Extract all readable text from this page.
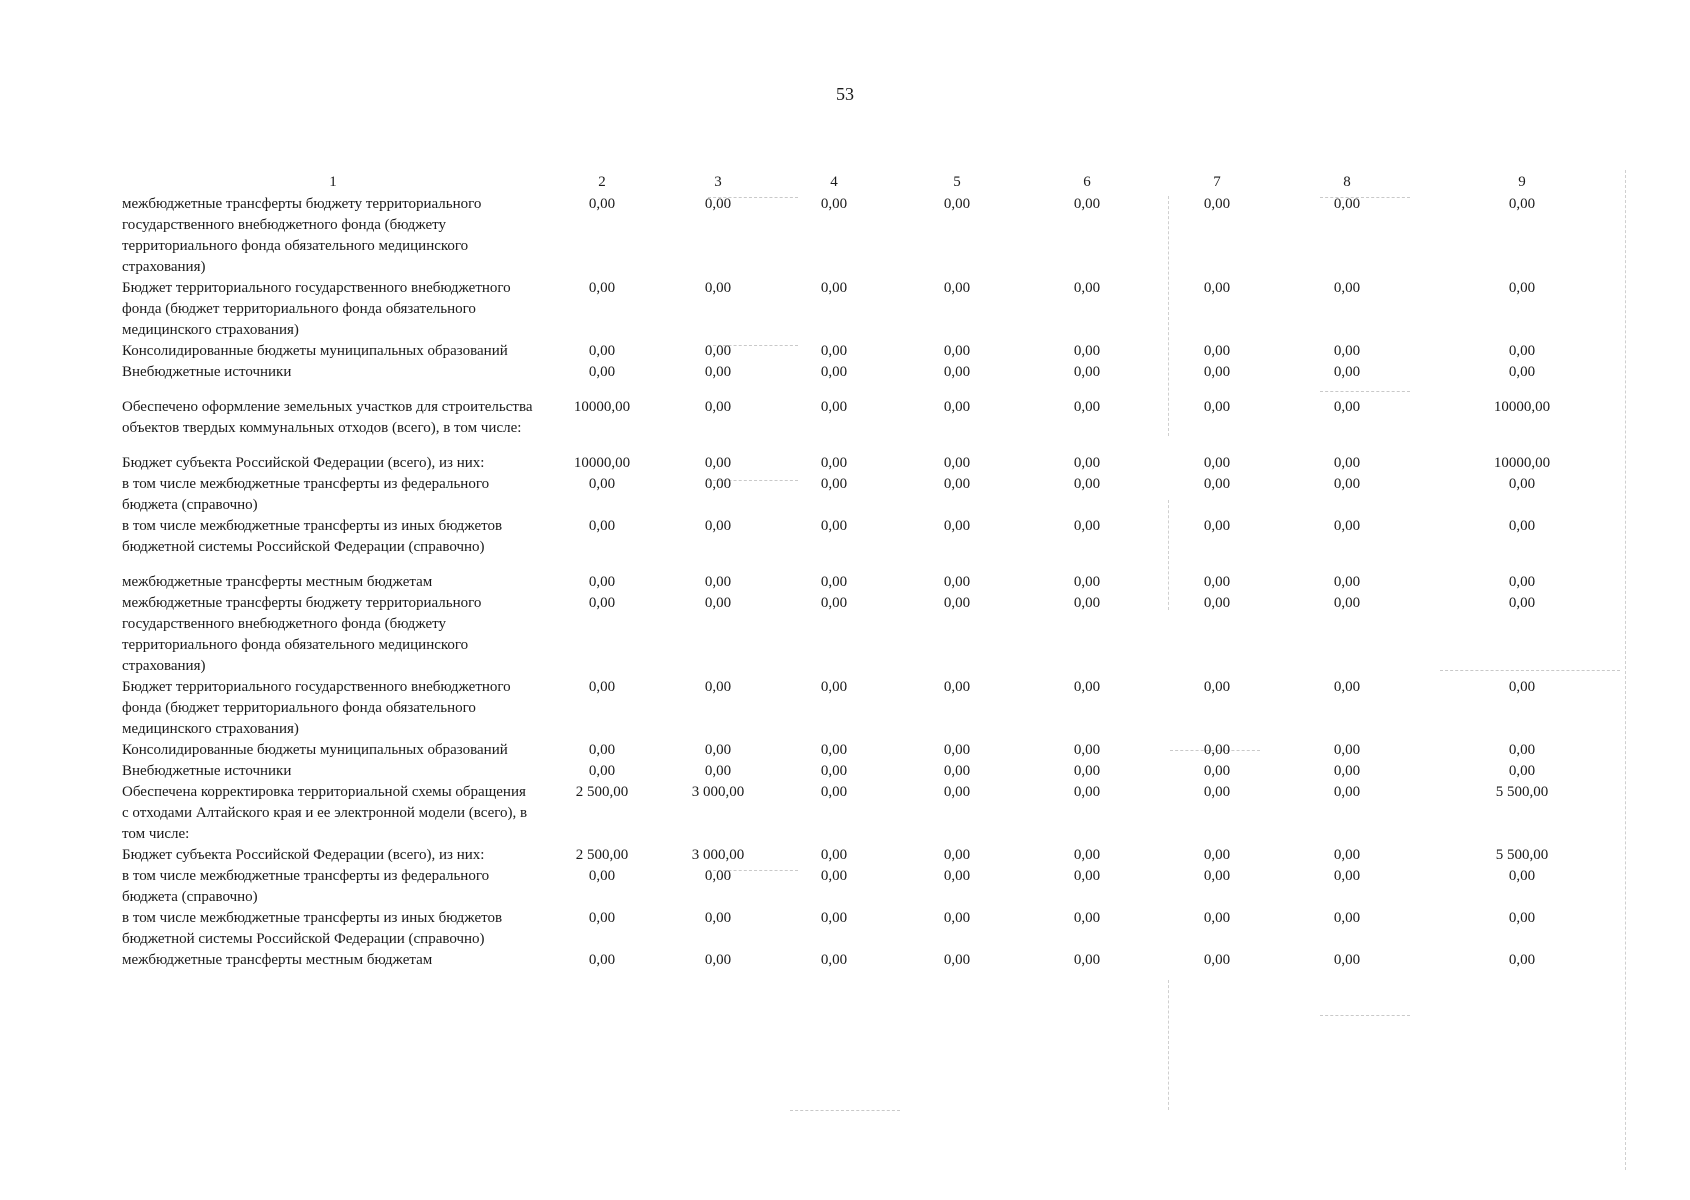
53
1	2	3	4	5	6	7	8	9
межбюджетные трансферты бюджету территориального государственного внебюджетного фонда (бюджету территориального фонда обязательного медицинского страхования)	0,00	0,00	0,00	0,00	0,00	0,00	0,00	0,00
Бюджет территориального государственного внебюджетного фонда (бюджет территориального фонда обязательного медицинского страхования)	0,00	0,00	0,00	0,00	0,00	0,00	0,00	0,00
Консолидированные бюджеты муниципальных образований	0,00	0,00	0,00	0,00	0,00	0,00	0,00	0,00
Внебюджетные источники	0,00	0,00	0,00	0,00	0,00	0,00	0,00	0,00
Обеспечено оформление земельных участков для строительства объектов твердых коммунальных отходов (всего), в том числе:	10000,00	0,00	0,00	0,00	0,00	0,00	0,00	10000,00
Бюджет субъекта Российской Федерации (всего), из них:	10000,00	0,00	0,00	0,00	0,00	0,00	0,00	10000,00
в том числе межбюджетные трансферты из федерального бюджета (справочно)	0,00	0,00	0,00	0,00	0,00	0,00	0,00	0,00
в том числе межбюджетные трансферты из иных бюджетов бюджетной системы Российской Федерации (справочно)	0,00	0,00	0,00	0,00	0,00	0,00	0,00	0,00
межбюджетные трансферты местным бюджетам	0,00	0,00	0,00	0,00	0,00	0,00	0,00	0,00
межбюджетные трансферты бюджету территориального государственного внебюджетного фонда (бюджету территориального фонда обязательного медицинского страхования)	0,00	0,00	0,00	0,00	0,00	0,00	0,00	0,00
Бюджет территориального государственного внебюджетного фонда (бюджет территориального фонда обязательного медицинского страхования)	0,00	0,00	0,00	0,00	0,00	0,00	0,00	0,00
Консолидированные бюджеты муниципальных образований	0,00	0,00	0,00	0,00	0,00	0,00	0,00	0,00
Внебюджетные источники	0,00	0,00	0,00	0,00	0,00	0,00	0,00	0,00
Обеспечена корректировка территориальной схемы обращения с отходами Алтайского края и ее электронной модели (всего), в том числе:	2 500,00	3 000,00	0,00	0,00	0,00	0,00	0,00	5 500,00
Бюджет субъекта Российской Федерации (всего), из них:	2 500,00	3 000,00	0,00	0,00	0,00	0,00	0,00	5 500,00
в том числе межбюджетные трансферты из федерального бюджета (справочно)	0,00	0,00	0,00	0,00	0,00	0,00	0,00	0,00
в том числе межбюджетные трансферты из иных бюджетов бюджетной системы Российской Федерации (справочно)	0,00	0,00	0,00	0,00	0,00	0,00	0,00	0,00
межбюджетные трансферты местным бюджетам	0,00	0,00	0,00	0,00	0,00	0,00	0,00	0,00
